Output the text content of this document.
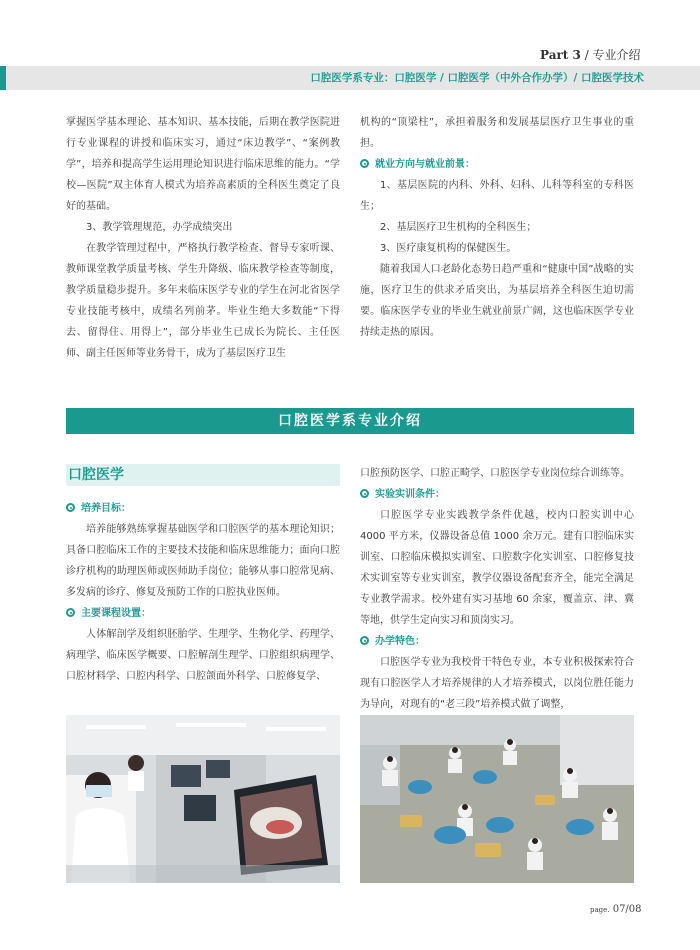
Part 3 / 专业介绍
口腔医学系专业：口腔医学 / 口腔医学（中外合作办学）/ 口腔医学技术

掌握医学基本理论、基本知识、基本技能，后期在教学医院进行专业课程的讲授和临床实习，通过“床边教学”、“案例教学”，培养和提高学生运用理论知识进行临床思维的能力。“学校—医院”双主体育人模式为培养高素质的全科医生奠定了良好的基础。

3、教学管理规范，办学成绩突出

在教学管理过程中，严格执行教学检查、督导专家听课、教师课堂教学质量考核、学生升降级、临床教学检查等制度，教学质量稳步提升。多年来临床医学专业的学生在河北省医学专业技能考核中，成绩名列前茅。毕业生绝大多数能“下得去、留得住、用得上”，部分毕业生已成长为院长、主任医师、副主任医师等业务骨干，成为了基层医疗卫生

机构的“顶梁柱”，承担着服务和发展基层医疗卫生事业的重担。

就业方向与就业前景：

1、基层医院的内科、外科、妇科、儿科等科室的专科医生；

2、基层医疗卫生机构的全科医生；

3、医疗康复机构的保健医生。

随着我国人口老龄化态势日趋严重和“健康中国”战略的实施，医疗卫生的供求矛盾突出，为基层培养全科医生迫切需要。临床医学专业的毕业生就业前景广阔，这也临床医学专业持续走热的原因。

口腔医学系专业介绍
口腔医学

培养目标：

培养能够熟练掌握基础医学和口腔医学的基本理论知识；具备口腔临床工作的主要技术技能和临床思维能力；面向口腔诊疗机构的助理医师或医师助手岗位；能够从事口腔常见病、多发病的诊疗、修复及预防工作的口腔执业医师。

主要课程设置：

人体解剖学及组织胚胎学、生理学、生物化学、药理学、病理学、临床医学概要、口腔解剖生理学、口腔组织病理学、口腔材料学、口腔内科学、口腔颌面外科学、口腔修复学、

口腔预防医学、口腔正畸学、口腔医学专业岗位综合训练等。

实验实训条件：

口腔医学专业实践教学条件优越，校内口腔实训中心4000 平方米，仪器设备总值 1000 余万元。建有口腔临床实训室、口腔临床模拟实训室、口腔数字化实训室、口腔修复技术实训室等专业实训室，教学仪器设备配套齐全，能完全满足专业教学需求。校外建有实习基地 60 余家，覆盖京、津、冀等地，供学生定向实习和顶岗实习。

办学特色：

口腔医学专业为我校骨干特色专业，本专业积极探索符合现有口腔医学人才培养规律的人才培养模式，以岗位胜任能力为导向，对现有的“老三段”培养模式做了调整，

page. 07/08
